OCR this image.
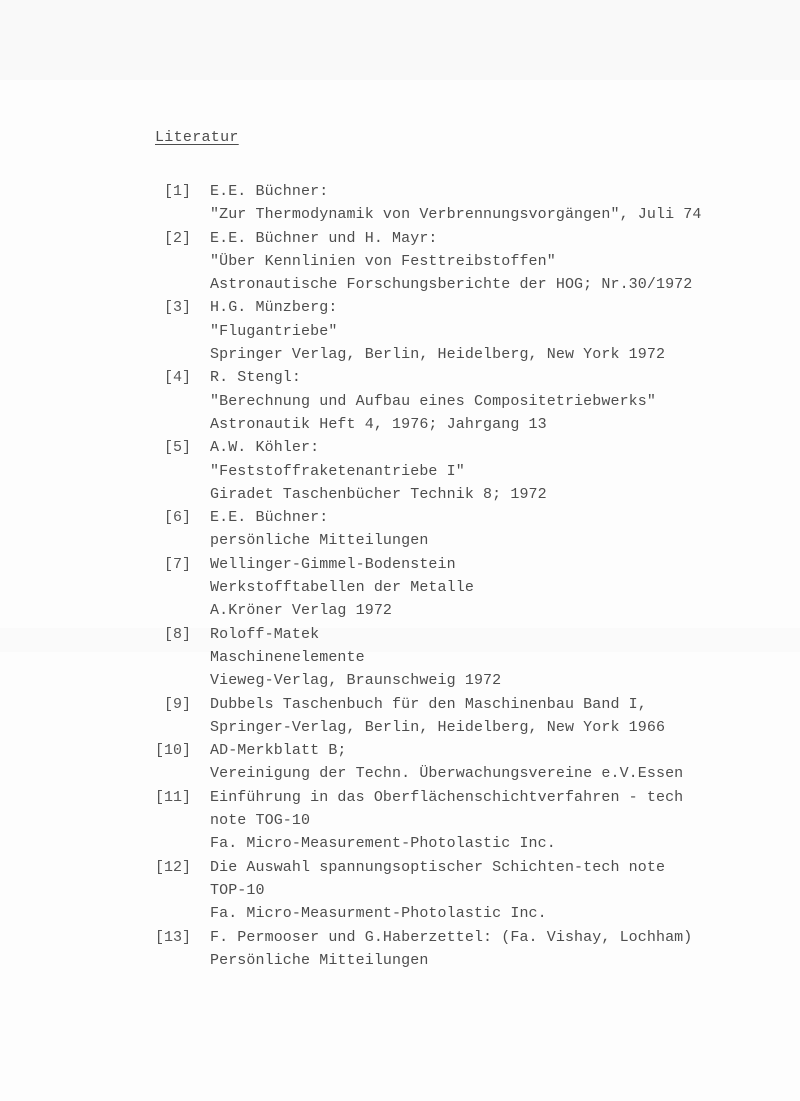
Literatur
[1] E.E. Büchner:
"Zur Thermodynamik von Verbrennungsvorgängen", Juli 74
[2] E.E. Büchner und H. Mayr:
"Über Kennlinien von Festtreibstoffen"
Astronautische Forschungsberichte der HOG; Nr.30/1972
[3] H.G. Münzberg:
"Flugantriebe"
Springer Verlag, Berlin, Heidelberg, New York 1972
[4] R. Stengl:
"Berechnung und Aufbau eines Compositetriebwerks"
Astronautik Heft 4, 1976; Jahrgang 13
[5] A.W. Köhler:
"Feststoffraketenantriebe I"
Giradet Taschenbücher Technik 8; 1972
[6] E.E. Büchner:
persönliche Mitteilungen
[7] Wellinger-Gimmel-Bodenstein
Werkstofftabellen der Metalle
A.Kröner Verlag 1972
[8] Roloff-Matek
Maschinenelemente
Vieweg-Verlag, Braunschweig 1972
[9] Dubbels Taschenbuch für den Maschinenbau Band I,
Springer-Verlag, Berlin, Heidelberg, New York 1966
[10] AD-Merkblatt B;
Vereinigung der Techn. Überwachungsvereine e.V.Essen
[11] Einführung in das Oberflächenschichtverfahren - tech
note TOG-10
Fa. Micro-Measurement-Photolastic Inc.
[12] Die Auswahl spannungsoptischer Schichten-tech note
TOP-10
Fa. Micro-Measurment-Photolastic Inc.
[13] F. Permooser und G.Haberzettel: (Fa. Vishay, Lochham)
Persönliche Mitteilungen
